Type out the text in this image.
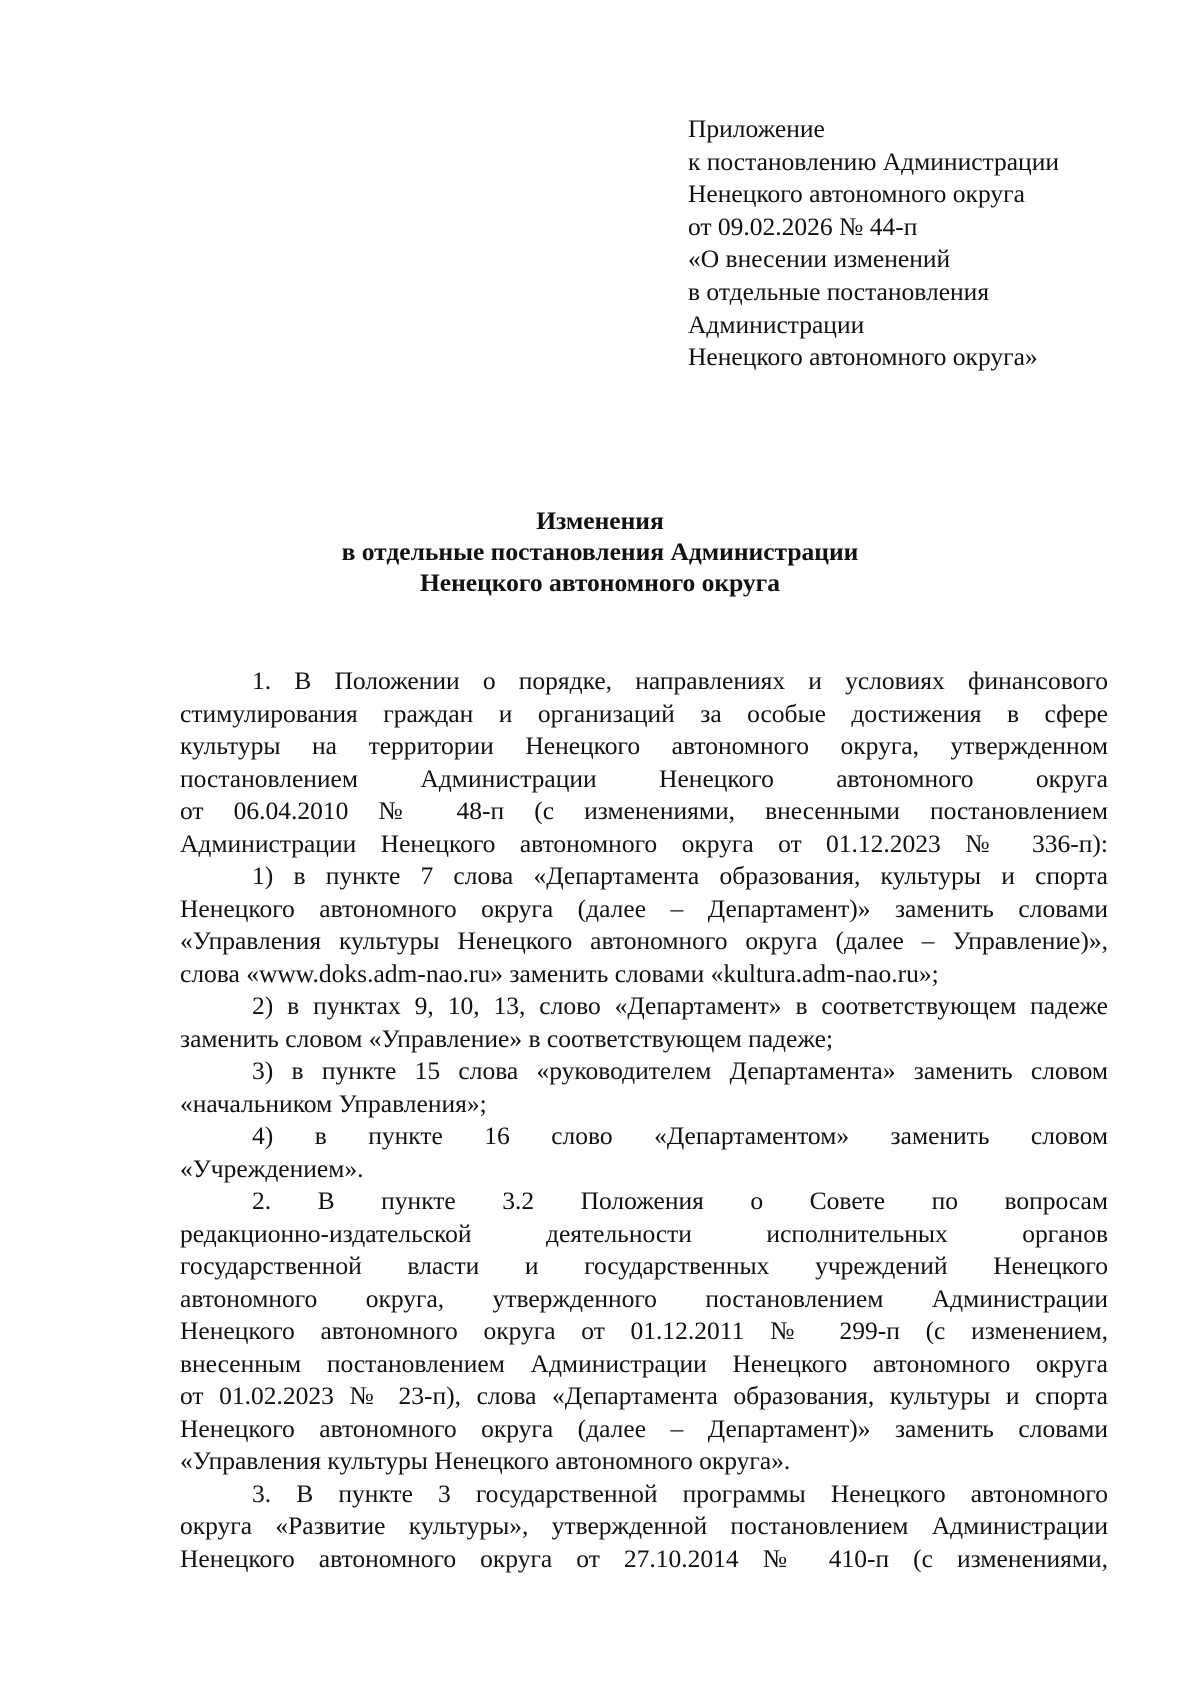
Приложение
к постановлению Администрации
Ненецкого автономного округа
от 09.02.2026 № 44-п
«О внесении изменений
в отдельные постановления
Администрации
Ненецкого автономного округа»
Изменения
в отдельные постановления Администрации
Ненецкого автономного округа
1. В Положении о порядке, направлениях и условиях финансового
стимулирования граждан и организаций за особые достижения в сфере
культуры на территории Ненецкого автономного округа, утвержденном
постановлением Администрации Ненецкого автономного округа
от 06.04.2010 № 48-п (с изменениями, внесенными постановлением
Администрации Ненецкого автономного округа от 01.12.2023 № 336-п):
1) в пункте 7 слова «Департамента образования, культуры и спорта
Ненецкого автономного округа (далее – Департамент)» заменить словами
«Управления культуры Ненецкого автономного округа (далее – Управление)»,
слова «www.doks.adm-nao.ru» заменить словами «kultura.adm-nao.ru»;
2) в пунктах 9, 10, 13, слово «Департамент» в соответствующем падеже
заменить словом «Управление» в соответствующем падеже;
3) в пункте 15 слова «руководителем Департамента» заменить словом
«начальником Управления»;
4) в пункте 16 слово «Департаментом» заменить словом
«Учреждением».
2. В пункте 3.2 Положения о Совете по вопросам
редакционно-издательской деятельности исполнительных органов
государственной власти и государственных учреждений Ненецкого
автономного округа, утвержденного постановлением Администрации
Ненецкого автономного округа от 01.12.2011 № 299-п (с изменением,
внесенным постановлением Администрации Ненецкого автономного округа
от 01.02.2023 № 23-п), слова «Департамента образования, культуры и спорта
Ненецкого автономного округа (далее – Департамент)» заменить словами
«Управления культуры Ненецкого автономного округа».
3. В пункте 3 государственной программы Ненецкого автономного
округа «Развитие культуры», утвержденной постановлением Администрации
Ненецкого автономного округа от 27.10.2014 № 410-п (с изменениями,
